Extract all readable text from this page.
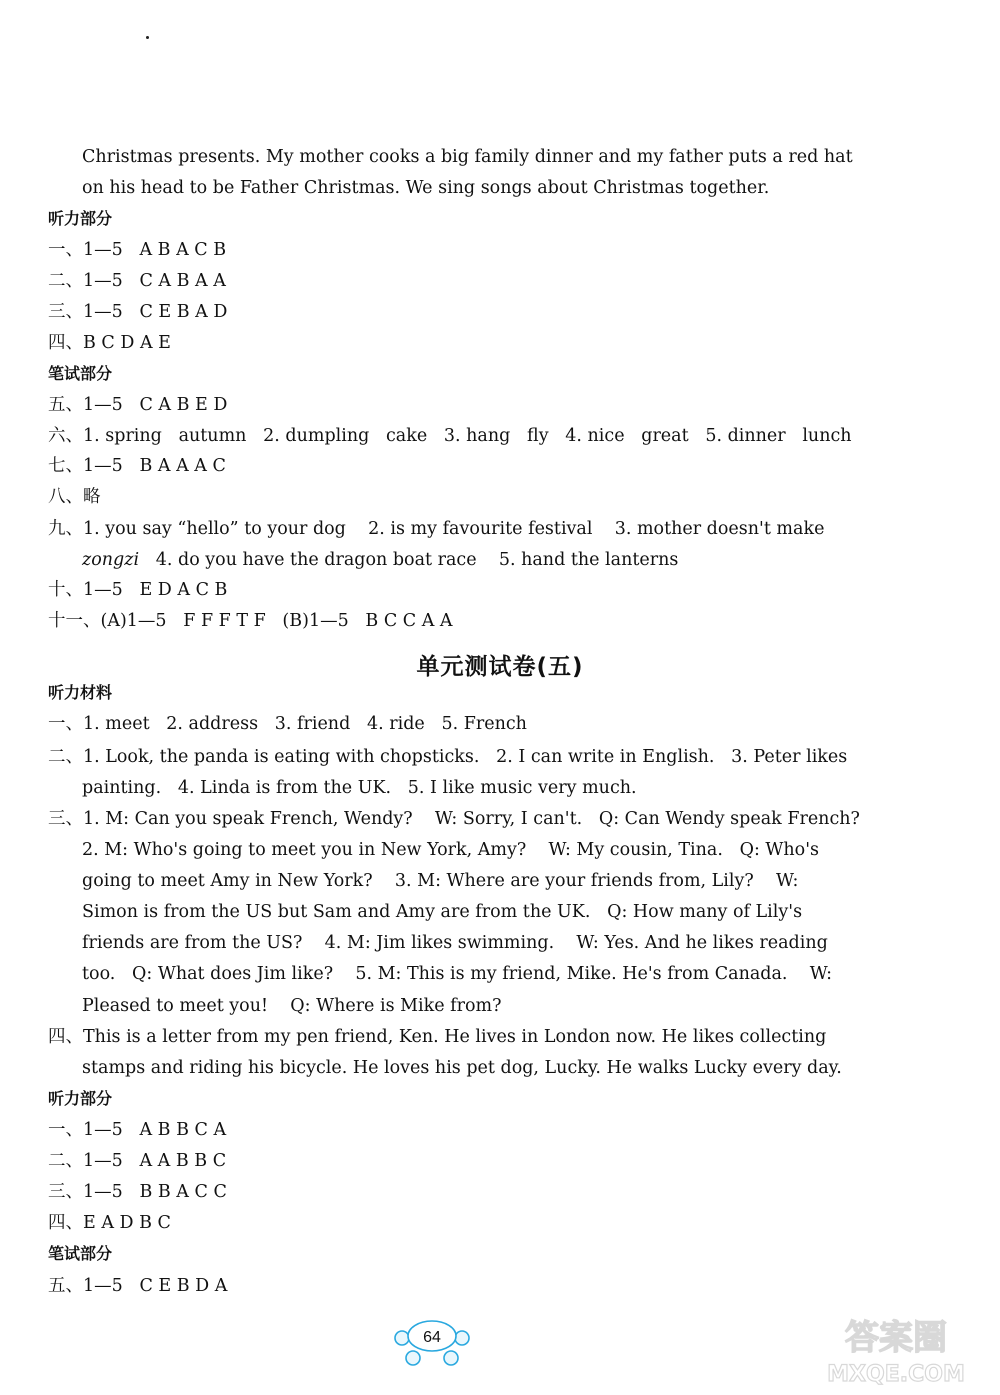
Christmas presents. My mother cooks a big family dinner and my father puts a red hat
on his head to be Father Christmas. We sing songs about Christmas together.
听力部分
一、1—5   A B A C B
二、1—5   C A B A A
三、1—5   C E B A D
四、B C D A E
笔试部分
五、1—5   C A B E D
六、1. spring   autumn   2. dumpling   cake   3. hang   fly   4. nice   great   5. dinner   lunch
七、1—5   B A A A C
八、略
九、1. you say “hello” to your dog    2. is my favourite festival    3. mother doesn't make
zongzi   4. do you have the dragon boat race    5. hand the lanterns
十、1—5   E D A C B
十一、(A)1—5   F F F T F   (B)1—5   B C C A A
单元测试卷(五)
听力材料
一、1. meet   2. address   3. friend   4. ride   5. French
二、1. Look, the panda is eating with chopsticks.   2. I can write in English.   3. Peter likes
painting.   4. Linda is from the UK.   5. I like music very much.
三、1. M: Can you speak French, Wendy?    W: Sorry, I can't.   Q: Can Wendy speak French?
2. M: Who's going to meet you in New York, Amy?    W: My cousin, Tina.   Q: Who's
going to meet Amy in New York?    3. M: Where are your friends from, Lily?    W:
Simon is from the US but Sam and Amy are from the UK.   Q: How many of Lily's
friends are from the US?    4. M: Jim likes swimming.    W: Yes. And he likes reading
too.   Q: What does Jim like?    5. M: This is my friend, Mike. He's from Canada.    W:
Pleased to meet you!    Q: Where is Mike from?
四、This is a letter from my pen friend, Ken. He lives in London now. He likes collecting
stamps and riding his bicycle. He loves his pet dog, Lucky. He walks Lucky every day.
听力部分
一、1—5   A B B C A
二、1—5   A A B B C
三、1—5   B B A C C
四、E A D B C
笔试部分
五、1—5   C E B D A
64	答案圈
MXQE.COM
